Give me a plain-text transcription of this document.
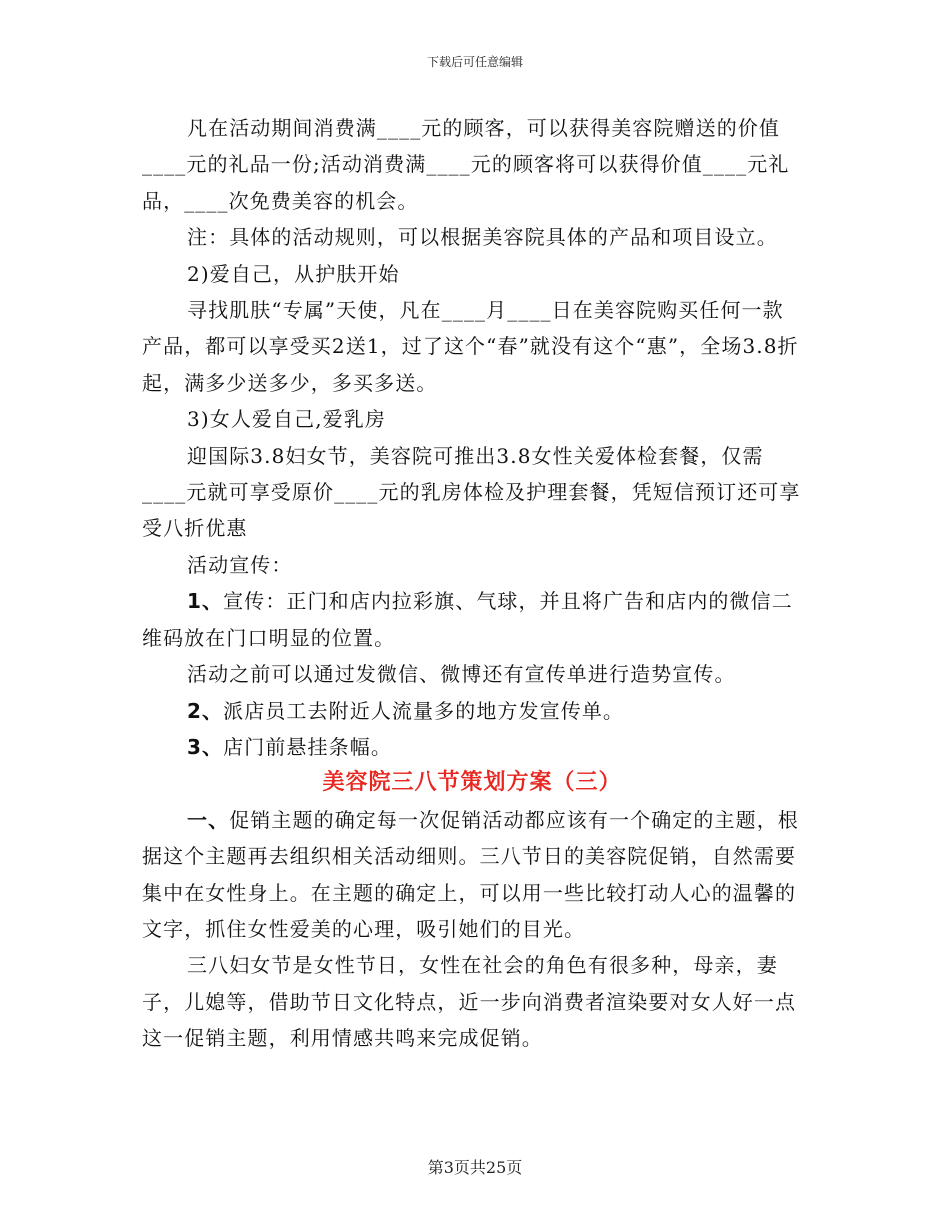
下载后可任意编辑

凡在活动期间消费满____元的顾客，可以获得美容院赠送的价值____元的礼品一份;活动消费满____元的顾客将可以获得价值____元礼品，____次免费美容的机会。

注：具体的活动规则，可以根据美容院具体的产品和项目设立。

2)爱自己，从护肤开始

寻找肌肤“专属”天使，凡在____月____日在美容院购买任何一款产品，都可以享受买2送1，过了这个“春”就没有这个“惠”，全场3.8折起，满多少送多少，多买多送。

3)女人爱自己,爱乳房

迎国际3.8妇女节，美容院可推出3.8女性关爱体检套餐，仅需____元就可享受原价____元的乳房体检及护理套餐，凭短信预订还可享受八折优惠

活动宣传：

1、宣传：正门和店内拉彩旗、气球，并且将广告和店内的微信二维码放在门口明显的位置。

活动之前可以通过发微信、微博还有宣传单进行造势宣传。

2、派店员工去附近人流量多的地方发宣传单。

3、店门前悬挂条幅。

美容院三八节策划方案（三）

一、促销主题的确定每一次促销活动都应该有一个确定的主题，根据这个主题再去组织相关活动细则。三八节日的美容院促销，自然需要集中在女性身上。在主题的确定上，可以用一些比较打动人心的温馨的文字，抓住女性爱美的心理，吸引她们的目光。

三八妇女节是女性节日，女性在社会的角色有很多种，母亲，妻子，儿媳等，借助节日文化特点，近一步向消费者渲染要对女人好一点这一促销主题，利用情感共鸣来完成促销。

第3页共25页
